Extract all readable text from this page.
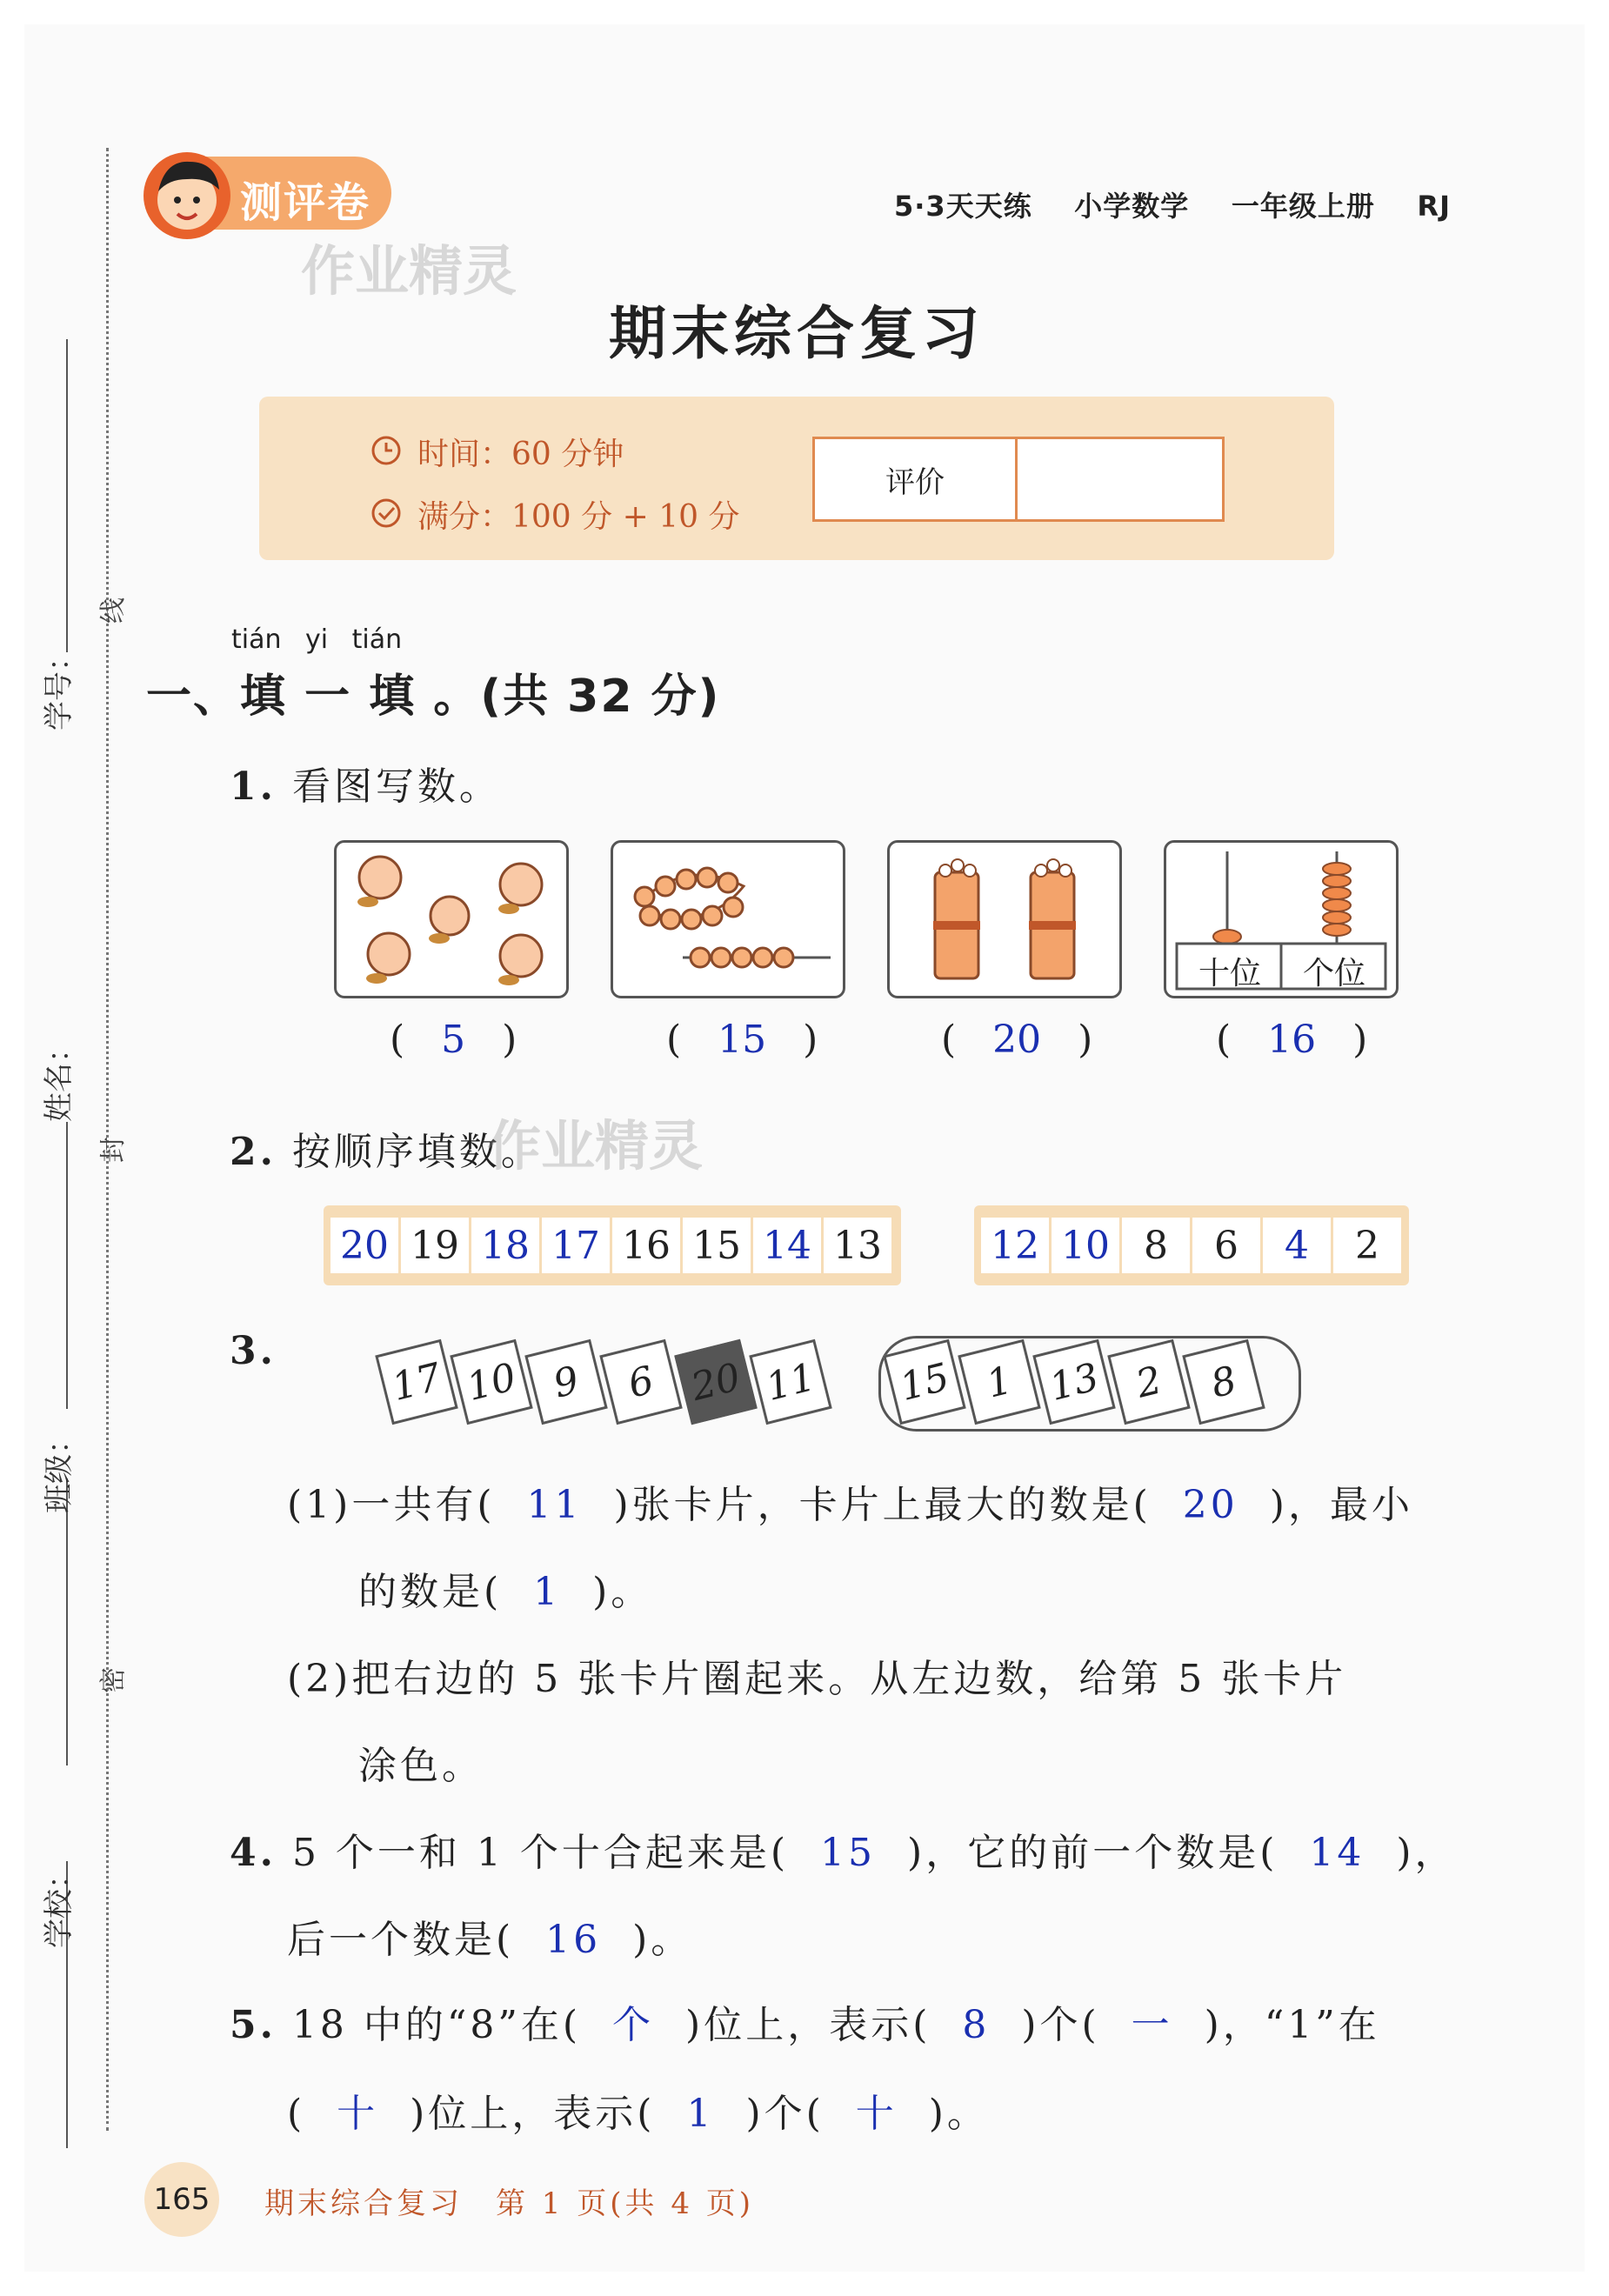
学号：
姓名：
班级：
学校：
线
封
密
测评卷	5·3天天练 小学数学 一年级上册 RJ
作业精灵
期末综合复习
时间：60 分钟
满分：100 分 + 10 分
评价
tián yi tián
一、填 一 填 。(共 32 分)
1. 看图写数。
十位	个位
(   5   )	(   15   )	(   20   )	(   16   )
2. 按顺序填数。
作业精灵
20 19 18 17 16 15 14 13	12 10 8	6	4	2
3.
17 10 9	6 20 11	15 1 13 2	8
(1)一共有( 11 )张卡片，卡片上最大的数是( 20 )，最小
的数是( 1 )。
(2)把右边的 5 张卡片圈起来。从左边数，给第 5 张卡片
涂色。
4. 5 个一和 1 个十合起来是( 15 )，它的前一个数是( 14 )，
后一个数是( 16 )。
5. 18 中的“8”在( 个 )位上，表示( 8 )个( 一 )，“1”在
( 十 )位上，表示( 1 )个( 十 )。
165	期末综合复习　第 1 页(共 4 页)
